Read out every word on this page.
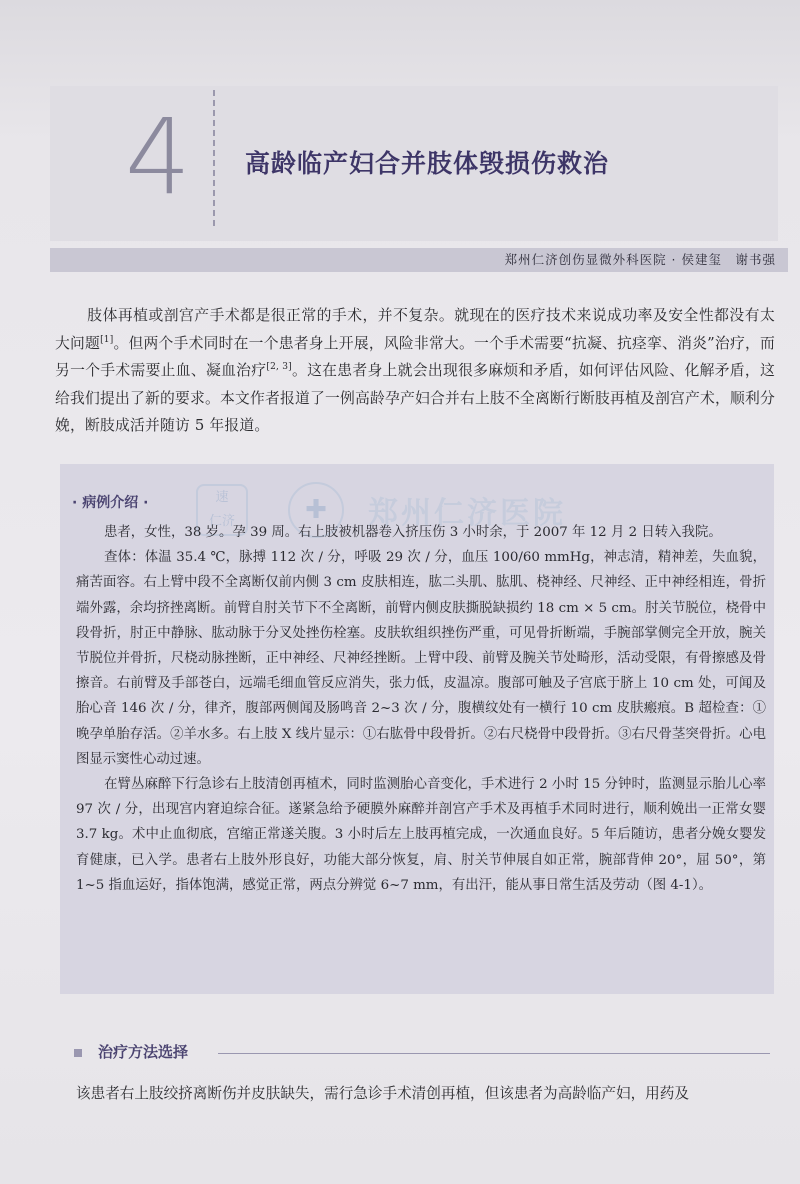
4 高龄临产妇合并肢体毁损伤救治
郑州仁济创伤显微外科医院 · 侯建玺　谢书强

肢体再植或剖宫产手术都是很正常的手术，并不复杂。就现在的医疗技术来说成功率及安全性都没有太大问题[1]。但两个手术同时在一个患者身上开展，风险非常大。一个手术需要“抗凝、抗痉挛、消炎”治疗，而另一个手术需要止血、凝血治疗[2, 3]。这在患者身上就会出现很多麻烦和矛盾，如何评估风险、化解矛盾，这给我们提出了新的要求。本文作者报道了一例高龄孕产妇合并右上肢不全离断行断肢再植及剖宫产术，顺利分娩，断肢成活并随访 5 年报道。

· 病例介绍 ·	速
仁济	✚	郑州仁济医院

患者，女性，38 岁。孕 39 周。右上肢被机器卷入挤压伤 3 小时余，于 2007 年 12 月 2 日转入我院。

查体：体温 35.4 ℃，脉搏 112 次 / 分，呼吸 29 次 / 分，血压 100/60 mmHg，神志清，精神差，失血貌，痛苦面容。右上臂中段不全离断仅前内侧 3 cm 皮肤相连，肱二头肌、肱肌、桡神经、尺神经、正中神经相连，骨折端外露，余均挤挫离断。前臂自肘关节下不全离断，前臂内侧皮肤撕脱缺损约 18 cm × 5 cm。肘关节脱位，桡骨中段骨折，肘正中静脉、肱动脉于分叉处挫伤栓塞。皮肤软组织挫伤严重，可见骨折断端，手腕部掌侧完全开放，腕关节脱位并骨折，尺桡动脉挫断，正中神经、尺神经挫断。上臂中段、前臂及腕关节处畸形，活动受限，有骨擦感及骨擦音。右前臂及手部苍白，远端毛细血管反应消失，张力低，皮温凉。腹部可触及子宫底于脐上 10 cm 处，可闻及胎心音 146 次 / 分，律齐，腹部两侧闻及肠鸣音 2~3 次 / 分，腹横纹处有一横行 10 cm 皮肤瘢痕。B 超检查：①晚孕单胎存活。②羊水多。右上肢 X 线片显示：①右肱骨中段骨折。②右尺桡骨中段骨折。③右尺骨茎突骨折。心电图显示窦性心动过速。

在臂丛麻醉下行急诊右上肢清创再植术，同时监测胎心音变化，手术进行 2 小时 15 分钟时，监测显示胎儿心率 97 次 / 分，出现宫内窘迫综合征。遂紧急给予硬膜外麻醉并剖宫产手术及再植手术同时进行，顺利娩出一正常女婴 3.7 kg。术中止血彻底，宫缩正常遂关腹。3 小时后左上肢再植完成，一次通血良好。5 年后随访，患者分娩女婴发育健康，已入学。患者右上肢外形良好，功能大部分恢复，肩、肘关节伸展自如正常，腕部背伸 20°，屈 50°，第 1~5 指血运好，指体饱满，感觉正常，两点分辨觉 6~7 mm，有出汗，能从事日常生活及劳动（图 4-1）。

治疗方法选择
该患者右上肢绞挤离断伤并皮肤缺失，需行急诊手术清创再植，但该患者为高龄临产妇，用药及
